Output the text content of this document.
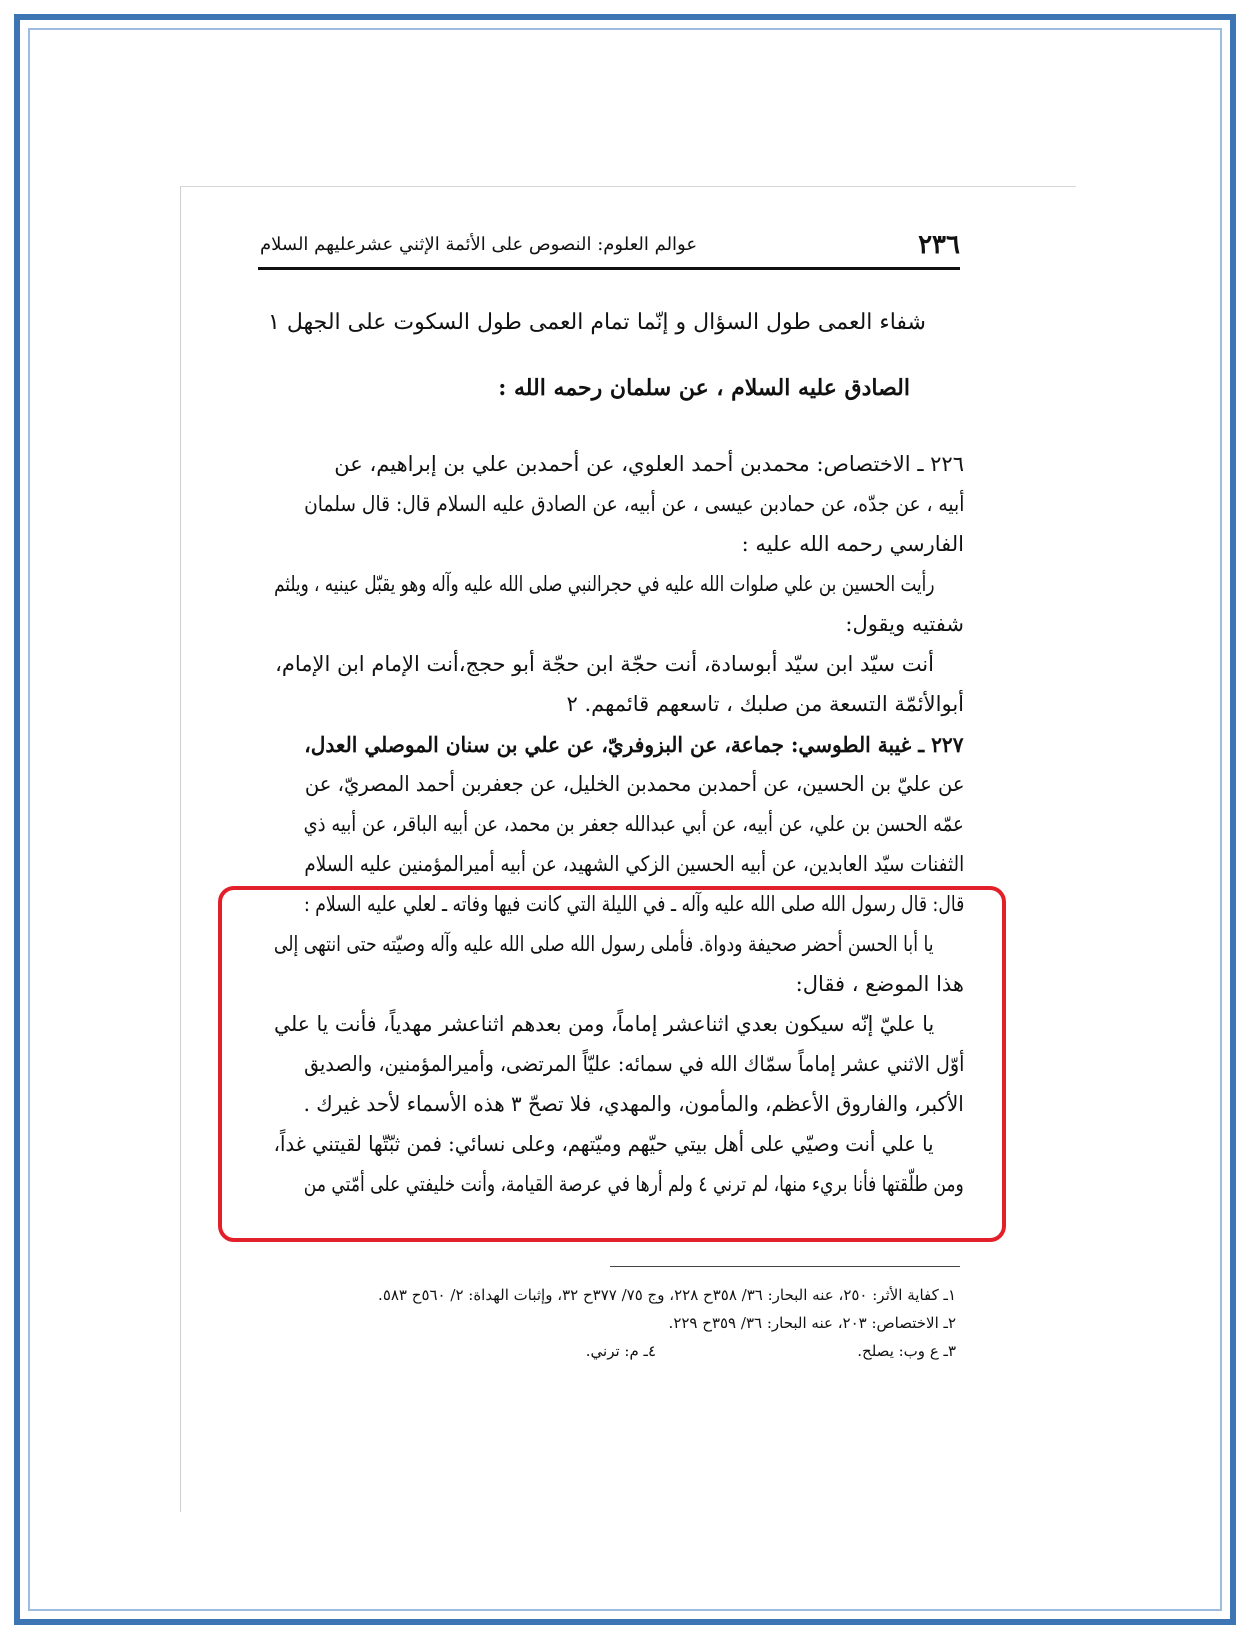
٢٣٦
عوالم العلوم: النصوص على الأئمة الإثني عشرعليهم السلام
شفاء العمى طول السؤال و إنّما
تمام العمى طول السكوت على الجهل ١
الصادق عليه السلام ، عن سلمان رحمه الله :
٢٢٦ ـ الاختصاص: محمدبن أحمد العلوي، عن أحمدبن علي بن إبراهيم، عن
أبيه ، عن جدّه، عن حمادبن عيسى ، عن أبيه، عن الصادق عليه السلام قال: قال سلمان
الفارسي رحمه الله عليه :
رأيت الحسين بن علي صلوات الله عليه في حجرالنبي صلى الله عليه وآله وهو يقبّل عينيه ، ويلثم
شفتيه ويقول:
أنت سيّد ابن سيّد أبوسادة، أنت حجّة ابن حجّة أبو حجج،أنت الإمام ابن الإمام،
أبوالأئمّة التسعة من صلبك ، تاسعهم قائمهم. ٢
٢٢٧ ـ غيبة الطوسي: جماعة، عن البزوفريّ، عن علي بن سنان الموصلي العدل،
عن عليّ بن الحسين، عن أحمدبن محمدبن الخليل، عن جعفربن أحمد المصريّ، عن
عمّه الحسن بن علي، عن أبيه، عن أبي عبدالله جعفر بن محمد، عن أبيه الباقر، عن أبيه ذي
الثفنات سيّد العابدين، عن أبيه الحسين الزكي الشهيد، عن أبيه أميرالمؤمنين عليه السلام
قال: قال رسول الله صلى الله عليه وآله ـ في الليلة التي كانت فيها وفاته ـ لعلي عليه السلام :
يا أبا الحسن أحضر صحيفة ودواة. فأملى رسول الله صلى الله عليه وآله وصيّته حتى انتهى إلى
هذا الموضع ، فقال:
يا عليّ إنّه سيكون بعدي اثناعشر إماماً، ومن بعدهم اثناعشر مهدياً، فأنت يا علي
أوّل الاثني عشر إماماً سمّاك الله في سمائه: عليّاً المرتضى، وأميرالمؤمنين، والصديق
الأكبر، والفاروق الأعظم، والمأمون، والمهدي، فلا تصحّ ٣ هذه الأسماء لأحد غيرك .
يا علي أنت وصيّي على أهل بيتي حيّهم وميّتهم، وعلى نسائي: فمن ثبّتّها لقيتني غداً،
ومن طلّقتها فأنا بريء منها، لم ترني ٤ ولم أرها في عرصة القيامة، وأنت خليفتي على أمّتي من
١ـ كفاية الأثر: ٢٥٠، عنه البحار: ٣٦/ ٣٥٨ح ٢٢٨، وج ٧٥/ ٣٧٧ح ٣٢، وإثبات الهداة: ٢/ ٥٦٠ح ٥٨٣.
٢ـ الاختصاص: ٢٠٣، عنه البحار: ٣٦/ ٣٥٩ح ٢٢٩.
٣ـ ع وب: يصلح.
٤ـ م: ترني.
